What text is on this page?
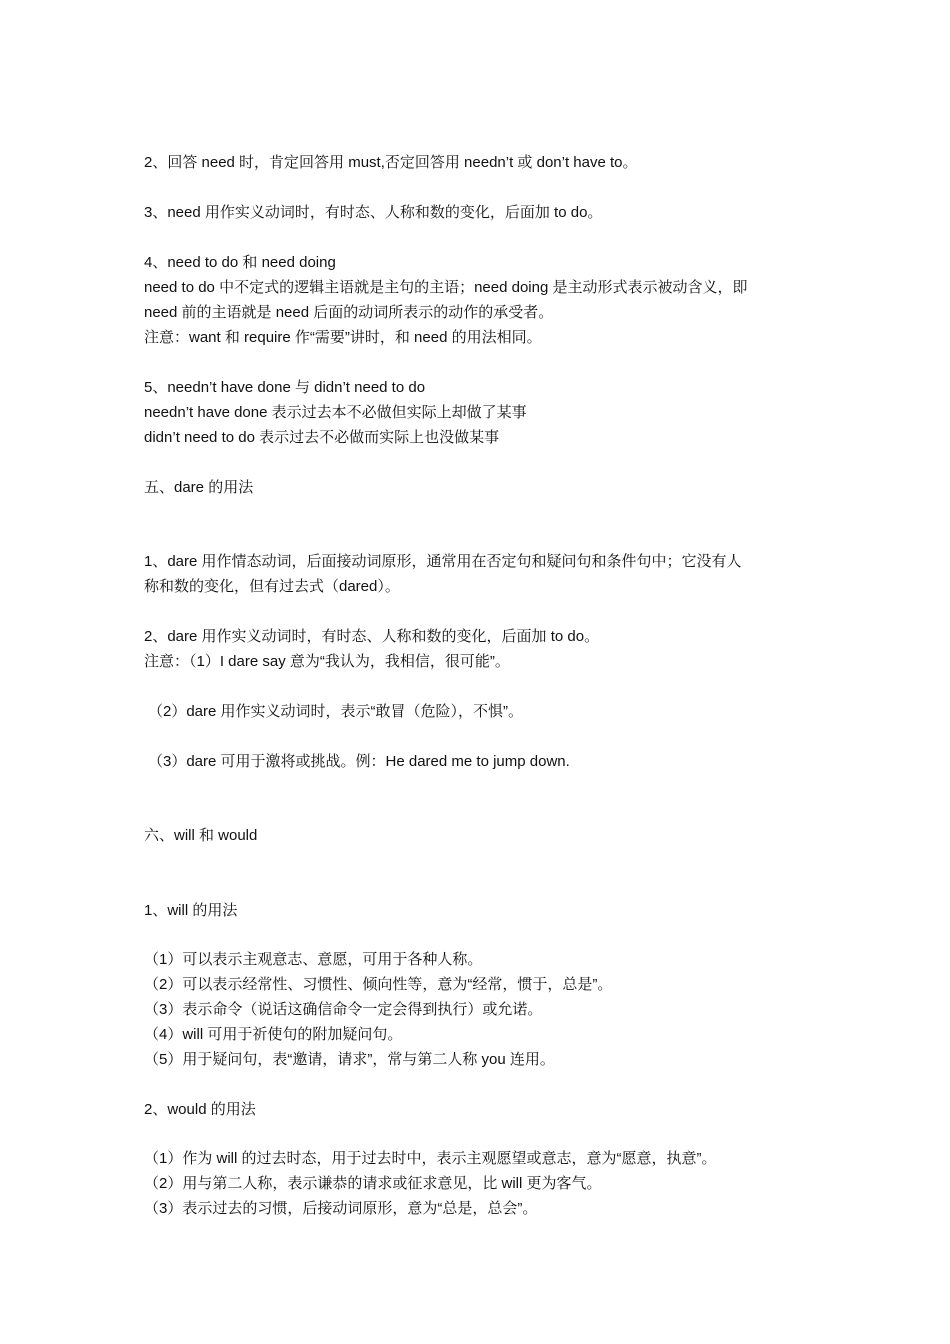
2、回答 need 时，肯定回答用 must,否定回答用 needn’t 或 don’t have to。
3、need 用作实义动词时，有时态、人称和数的变化，后面加 to do。
4、need to do 和 need doing
need to do 中不定式的逻辑主语就是主句的主语；need doing 是主动形式表示被动含义，即
need 前的主语就是 need 后面的动词所表示的动作的承受者。
注意：want 和 require 作“需要”讲时，和 need 的用法相同。
5、needn’t have done 与 didn’t need to do
needn’t have done 表示过去本不必做但实际上却做了某事
didn’t need to do 表示过去不必做而实际上也没做某事
五、dare 的用法
1、dare 用作情态动词，后面接动词原形，通常用在否定句和疑问句和条件句中；它没有人
称和数的变化，但有过去式（dared）。
2、dare 用作实义动词时，有时态、人称和数的变化，后面加 to do。
注意：（1）I dare say 意为“我认为，我相信，很可能”。
（2）dare 用作实义动词时，表示“敢冒（危险），不惧”。
（3）dare 可用于激将或挑战。例：He dared me to jump down.
六、will 和 would
1、will 的用法
（1）可以表示主观意志、意愿，可用于各种人称。
（2）可以表示经常性、习惯性、倾向性等，意为“经常，惯于，总是”。
（3）表示命令（说话这确信命令一定会得到执行）或允诺。
（4）will 可用于祈使句的附加疑问句。
（5）用于疑问句，表“邀请，请求”，常与第二人称 you 连用。
2、would 的用法
（1）作为 will 的过去时态，用于过去时中，表示主观愿望或意志，意为“愿意，执意”。
（2）用与第二人称，表示谦恭的请求或征求意见，比 will 更为客气。
（3）表示过去的习惯，后接动词原形，意为“总是，总会”。
